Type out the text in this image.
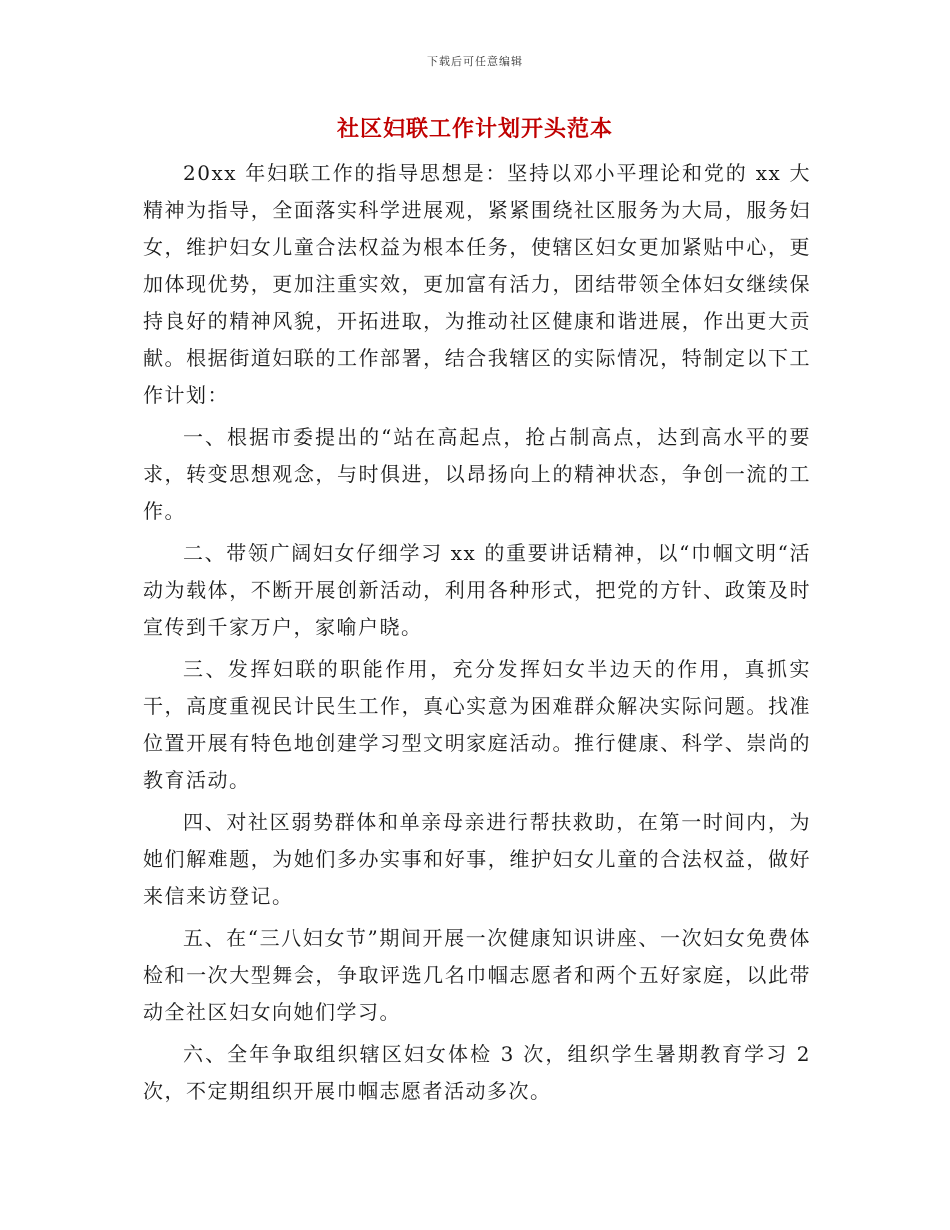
下载后可任意编辑
社区妇联工作计划开头范本

20xx 年妇联工作的指导思想是：坚持以邓小平理论和党的 xx 大精神为指导，全面落实科学进展观，紧紧围绕社区服务为大局，服务妇女，维护妇女儿童合法权益为根本任务，使辖区妇女更加紧贴中心，更加体现优势，更加注重实效，更加富有活力，团结带领全体妇女继续保持良好的精神风貌，开拓进取，为推动社区健康和谐进展，作出更大贡献。根据街道妇联的工作部署，结合我辖区的实际情况，特制定以下工作计划：

一、根据市委提出的“站在高起点，抢占制高点，达到高水平的要求，转变思想观念，与时俱进，以昂扬向上的精神状态，争创一流的工作。

二、带领广阔妇女仔细学习 xx 的重要讲话精神，以“巾帼文明“活动为载体，不断开展创新活动，利用各种形式，把党的方针、政策及时宣传到千家万户，家喻户晓。

三、发挥妇联的职能作用，充分发挥妇女半边天的作用，真抓实干，高度重视民计民生工作，真心实意为困难群众解决实际问题。找准位置开展有特色地创建学习型文明家庭活动。推行健康、科学、崇尚的教育活动。

四、对社区弱势群体和单亲母亲进行帮扶救助，在第一时间内，为她们解难题，为她们多办实事和好事，维护妇女儿童的合法权益，做好来信来访登记。

五、在“三八妇女节”期间开展一次健康知识讲座、一次妇女免费体检和一次大型舞会，争取评选几名巾帼志愿者和两个五好家庭，以此带动全社区妇女向她们学习。

六、全年争取组织辖区妇女体检 3 次，组织学生暑期教育学习 2 次，不定期组织开展巾帼志愿者活动多次。
